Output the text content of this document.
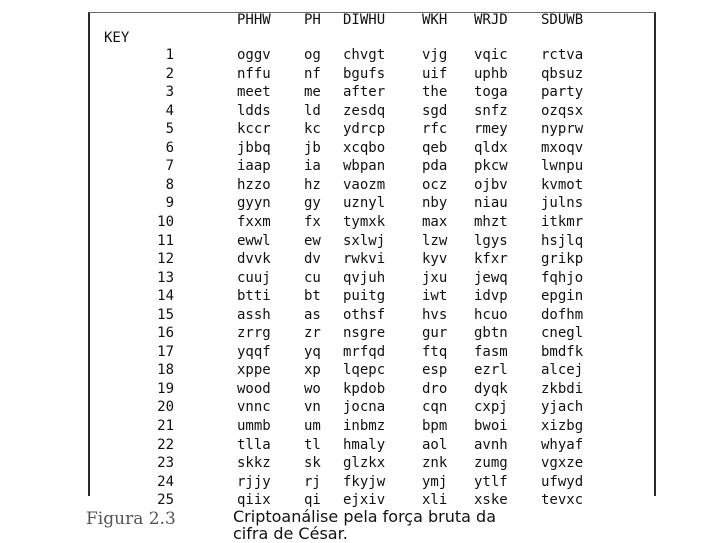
PHHW PH DIWHU	WKH WRJD SDUWB
KEY
1	oggv og chvgt	vjg vqic rctva
2	nffu nf bgufs	uif uphb qbsuz
3	meet me after	the toga party
4	ldds ld zesdq	sgd snfz ozqsx
5	kccr kc ydrcp	rfc rmey nyprw
6	jbbq jb xcqbo	qeb qldx mxoqv
7	iaap ia wbpan	pda pkcw lwnpu
8	hzzo hz vaozm	ocz ojbv kvmot
9	gyyn gy uznyl	nby niau julns
10	fxxm fx tymxk	max mhzt itkmr
11	ewwl ew sxlwj	lzw lgys hsjlq
12	dvvk dv rwkvi	kyv kfxr grikp
13	cuuj cu qvjuh	jxu jewq fqhjo
14	btti bt puitg	iwt idvp epgin
15	assh as othsf	hvs hcuo dofhm
16	zrrg zr nsgre	gur gbtn cnegl
17	yqqf yq mrfqd	ftq fasm bmdfk
18	xppe xp lqepc	esp ezrl alcej
19	wood wo kpdob	dro dyqk zkbdi
20	vnnc vn jocna	cqn cxpj yjach
21	ummb um inbmz	bpm bwoi xizbg
22	tlla tl hmaly	aol avnh whyaf
23	skkz sk glzkx	znk zumg vgxze
24	rjjy rj fkyjw	ymj ytlf ufwyd
25	qiix qi ejxiv	xli xske tevxc
Figura 2.3	Criptoanálise pela força bruta da
cifra de César.
